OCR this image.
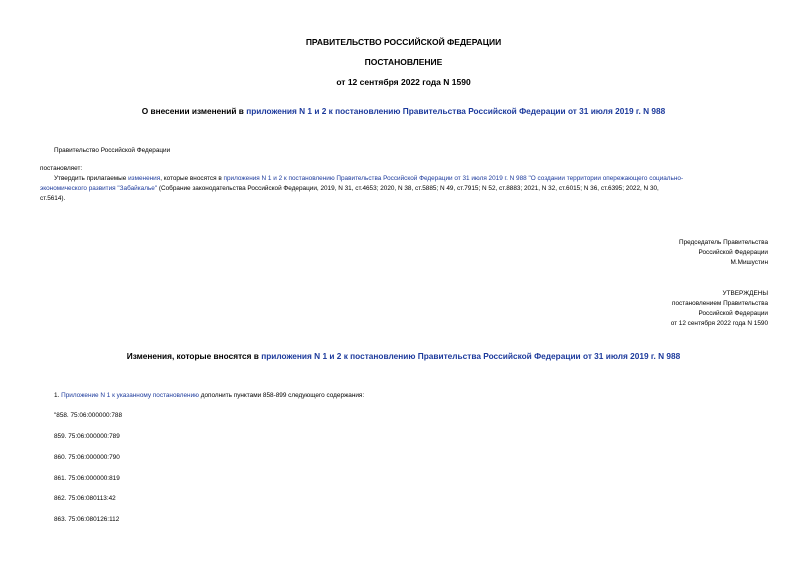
ПРАВИТЕЛЬСТВО РОССИЙСКОЙ ФЕДЕРАЦИИ
ПОСТАНОВЛЕНИЕ
от 12 сентября 2022 года N 1590
О внесении изменений в приложения N 1 и 2 к постановлению Правительства Российской Федерации от 31 июля 2019 г. N 988
Правительство Российской Федерации
постановляет:
Утвердить прилагаемые изменения, которые вносятся в приложения N 1 и 2 к постановлению Правительства Российской Федерации от 31 июля 2019 г. N 988 "О создании территории опережающего социально-
экономического развития "Забайкалье" (Собрание законодательства Российской Федерации, 2019, N 31, ст.4653; 2020, N 38, ст.5885; N 49, ст.7915; N 52, ст.8883; 2021, N 32, ст.6015; N 36, ст.6395; 2022, N 30,
ст.5614).
Председатель Правительства
Российской Федерации
М.Мишустин
УТВЕРЖДЕНЫ
постановлением Правительства
Российской Федерации
от 12 сентября 2022 года N 1590
Изменения, которые вносятся в приложения N 1 и 2 к постановлению Правительства Российской Федерации от 31 июля 2019 г. N 988
1. Приложение N 1 к указанному постановлению дополнить пунктами 858-899 следующего содержания:
"858. 75:06:000000:788
859. 75:06:000000:789
860. 75:06:000000:790
861. 75:06:000000:819
862. 75:06:080113:42
863. 75:06:080126:112
